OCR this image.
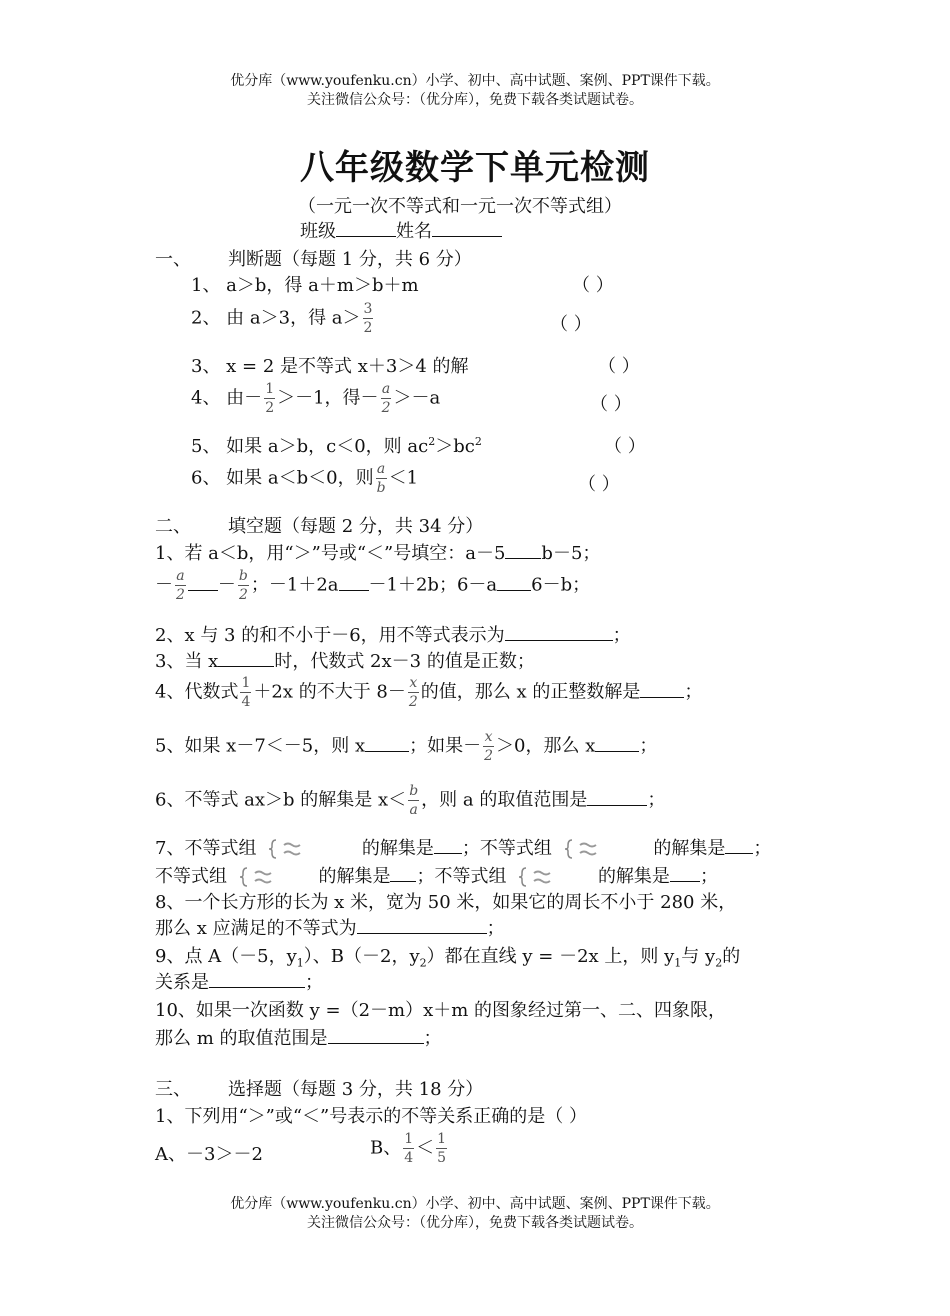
优分库（www.youfenku.cn）小学、初中、高中试题、案例、PPT课件下载。
关注微信公众号：（优分库），免费下载各类试题试卷。
八年级数学下单元检测
（一元一次不等式和一元一次不等式组）
班级	姓名
一、 判断题（每题 1 分，共 6 分）
1、 a＞b，得 a＋m＞b＋m	（ ）
2、 由 a＞3，得 $a> \frac{3}{2}$	（ ）
3、 x = 2 是不等式 x＋3＞4 的解	（ ）
4、 由－ $\frac{1}{2} >-1$，得－ $\frac{a}{2} >-a$	（ ）
5、 如果 a＞b，c＜0，则 $ac^2>bc^2$	（ ）
6、 如果 a＜b＜0，则 $\frac{a}{b} <1$	（ ）
二、 填空题（每题 2 分，共 34 分）
1、若 a＜b，用“＞”号或“＜”号填空：a－5 b－5；
－ $\frac{a}{2} - \frac{b}{2}$ ；－1＋2a －1＋2b；6－a 6－b；
2、x 与 3 的和不小于－6，用不等式表示为	；
3、当 x	时，代数式 2x－3 的值是正数；
4、代数式 $\frac{1}{4} +2x$ 的不大于 $8- \frac{x}{2}$ 的值，那么 x 的正整数解是 ；
5、如果 x－7＜－5，则 x ；如果－ $\frac{x}{2} >0$，那么 x ；
6、不等式 ax＞b 的解集是 $x< \frac{b}{a}$ ，则 a 的取值范围是	；
7、不等式组	的解集是 ；不等式组	的解集是 ；
不等式组	的解集是 ；不等式组	的解集是 ；
8、一个长方形的长为 x 米，宽为 50 米，如果它的周长不小于 280 米，
那么 x 应满足的不等式为	；
9、点 A（－5，$y_1$）、B（－2，$y_2$）都在直线 y = －2x 上，则 $y_1$与 $y_2$的
关系是	；
10、如果一次函数 y =（2－m）x＋m 的图象经过第一、二、四象限，
那么 m 的取值范围是	；
三、 选择题（每题 3 分，共 18 分）
1、下列用“＞”或“＜”号表示的不等关系正确的是（ ）
A、－3＞－2	B、 $\frac{1}{4} < \frac{1}{5}$
优分库（www.youfenku.cn）小学、初中、高中试题、案例、PPT课件下载。
关注微信公众号：（优分库），免费下载各类试题试卷。
